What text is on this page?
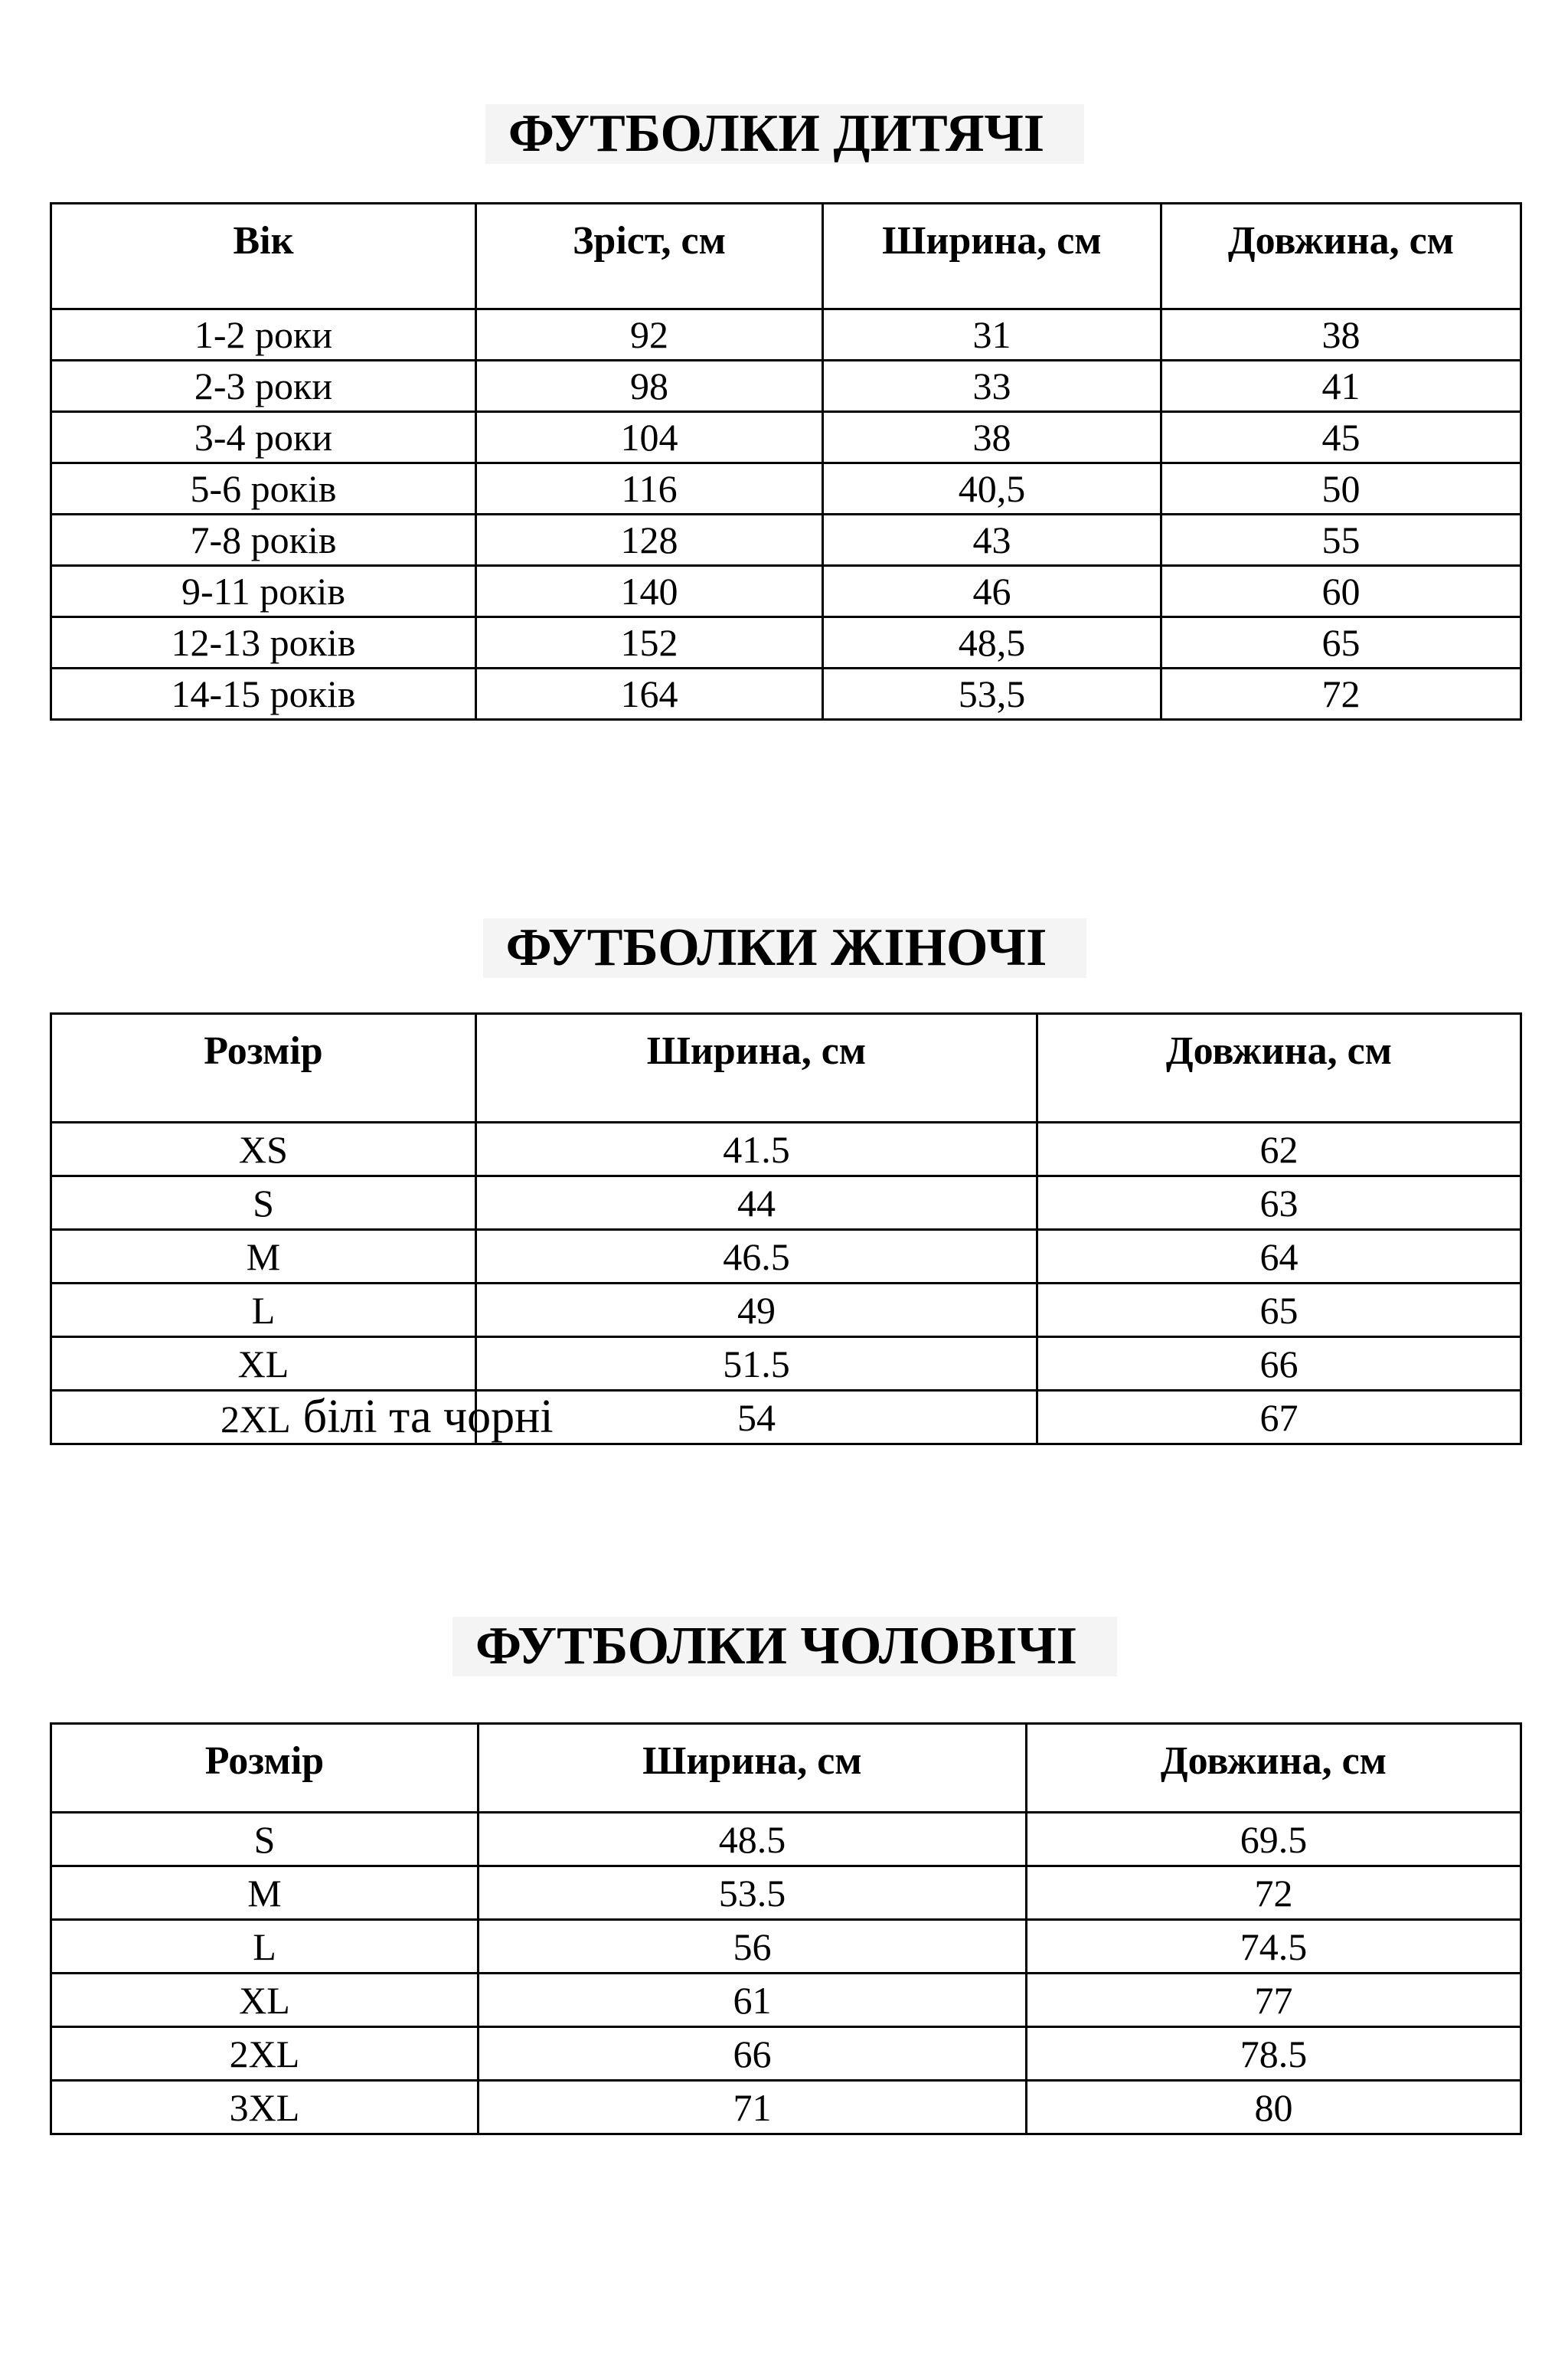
ФУТБОЛКИ ДИТЯЧІ
Вік	Зріст, см	Ширина, см	Довжина, см
1-2 роки	92	31	38
2-3 роки	98	33	41
3-4 роки	104	38	45
5-6 років	116	40,5	50
7-8 років	128	43	55
9-11 років	140	46	60
12-13 років	152	48,5	65
14-15 років	164	53,5	72
ФУТБОЛКИ ЖІНОЧІ
Розмір	Ширина, см	Довжина, см
XS	41.5	62
S	44	63
M	46.5	64
L	49	65
XL	51.5	66

2XL білі та чорні	54	67
ФУТБОЛКИ ЧОЛОВІЧІ
Розмір	Ширина, см	Довжина, см
S	48.5	69.5
M	53.5	72
L	56	74.5
XL	61	77
2XL	66	78.5
3XL	71	80
